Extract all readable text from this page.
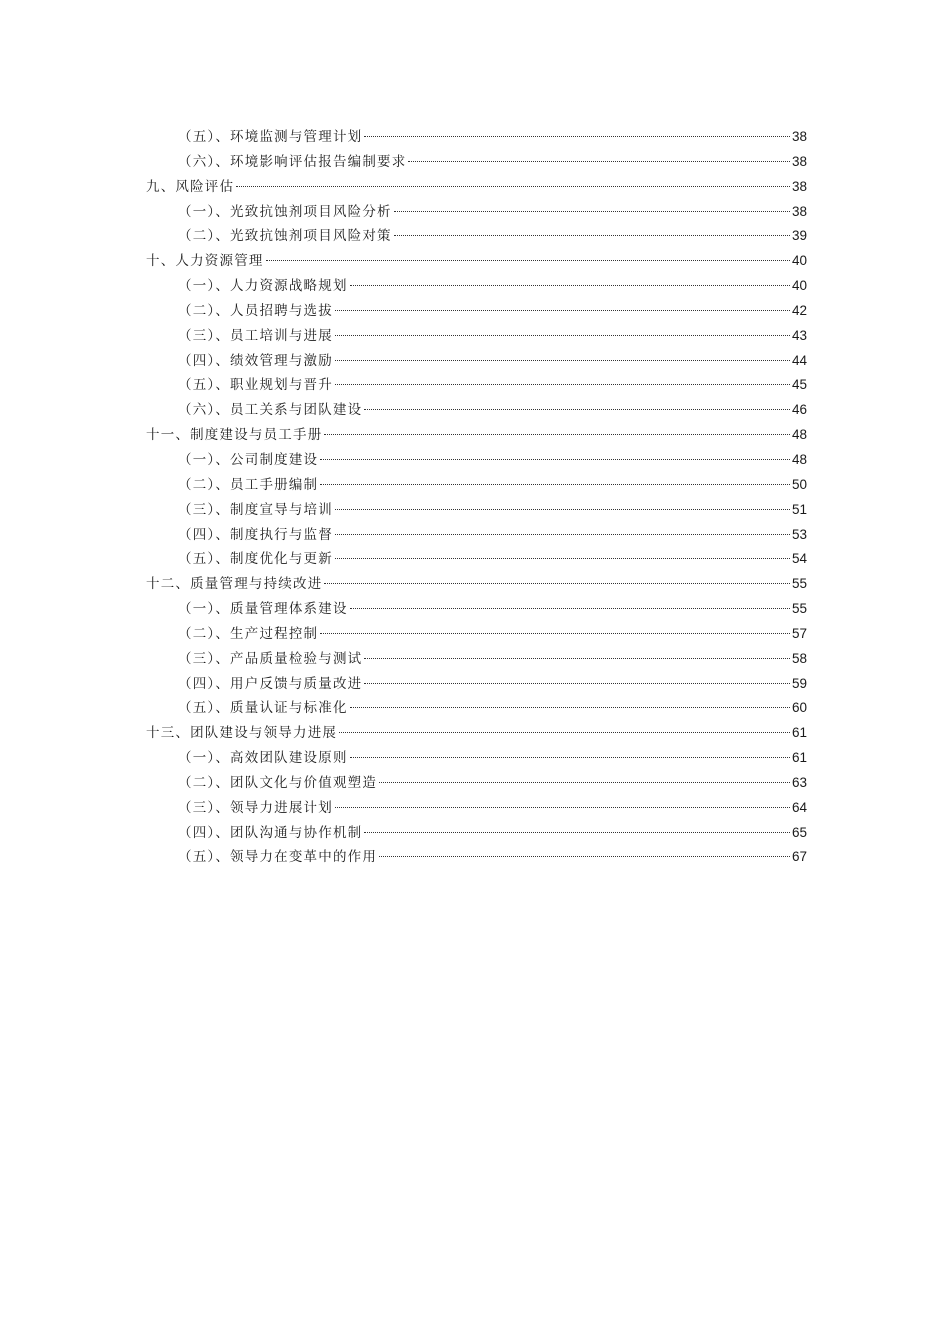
（五）、环境监测与管理计划	38
（六）、环境影响评估报告编制要求	38
九、风险评估	38
（一）、光致抗蚀剂项目风险分析	38
（二）、光致抗蚀剂项目风险对策	39
十、人力资源管理	40
（一）、人力资源战略规划	40
（二）、人员招聘与选拔	42
（三）、员工培训与进展	43
（四）、绩效管理与激励	44
（五）、职业规划与晋升	45
（六）、员工关系与团队建设	46
十一、制度建设与员工手册	48
（一）、公司制度建设	48
（二）、员工手册编制	50
（三）、制度宣导与培训	51
（四）、制度执行与监督	53
（五）、制度优化与更新	54
十二、质量管理与持续改进	55
（一）、质量管理体系建设	55
（二）、生产过程控制	57
（三）、产品质量检验与测试	58
（四）、用户反馈与质量改进	59
（五）、质量认证与标准化	60
十三、团队建设与领导力进展	61
（一）、高效团队建设原则	61
（二）、团队文化与价值观塑造	63
（三）、领导力进展计划	64
（四）、团队沟通与协作机制	65
（五）、领导力在变革中的作用	67
